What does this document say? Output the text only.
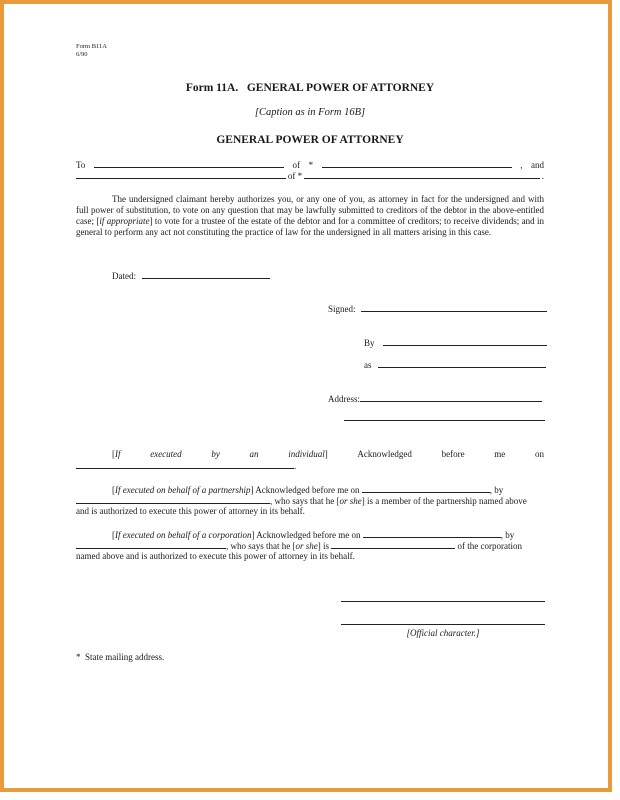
Form B11A
6/90
Form 11A.   GENERAL POWER OF ATTORNEY
[Caption as in Form 16B]
GENERAL POWER OF ATTORNEY
To	of *	, and
of *	.
The undersigned claimant hereby authorizes you, or any one of you, as attorney in fact for the undersigned and with full power of substitution, to vote on any question that may be lawfully submitted to creditors of the debtor in the above-entitled case; [if appropriate] to vote for a trustee of the estate of the debtor and for a committee of creditors; to receive dividends; and in general to perform any act not constituting the practice of law for the undersigned in all matters arising in this case.
Dated:
Signed:
By
as
Address:
[If	executed	by	an	individual]	Acknowledged	before	me	on
.
[If executed on behalf of a partnership] Acknowledged before me on	, by
, who says that he [or she] is a member of the partnership named above
and is authorized to execute this power of attorney in its behalf.
[If executed on behalf of a corporation] Acknowledged before me on	, by
, who says that he [or she] is	of the corporation
named above and is authorized to execute this power of attorney in its behalf.
[Official character.]
*  State mailing address.
